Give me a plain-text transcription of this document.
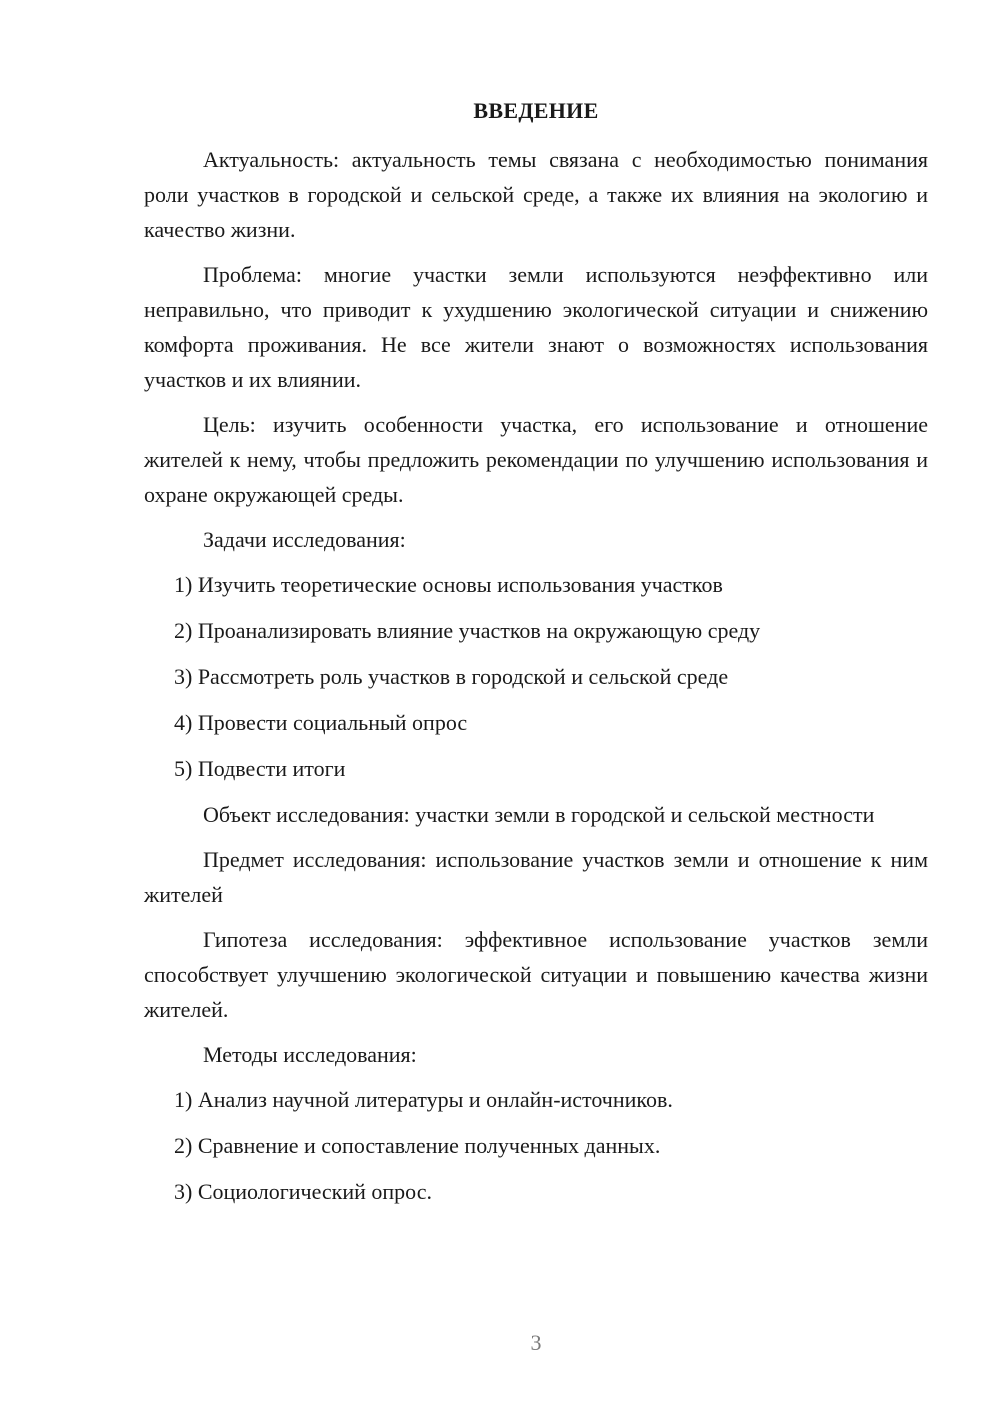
ВВЕДЕНИЕ

Актуальность: актуальность темы связана с необходимостью понимания роли участков в городской и сельской среде, а также их влияния на экологию и качество жизни.

Проблема: многие участки земли используются неэффективно или неправильно, что приводит к ухудшению экологической ситуации и снижению комфорта проживания. Не все жители знают о возможностях использования участков и их влиянии.

Цель: изучить особенности участка, его использование и отношение жителей к нему, чтобы предложить рекомендации по улучшению использования и охране окружающей среды.

Задачи исследования:

1) Изучить теоретические основы использования участков
2) Проанализировать влияние участков на окружающую среду
3) Рассмотреть роль участков в городской и сельской среде
4) Провести социальный опрос
5) Подвести итоги

Объект исследования: участки земли в городской и сельской местности

Предмет исследования: использование участков земли и отношение к ним жителей

Гипотеза исследования: эффективное использование участков земли способствует улучшению экологической ситуации и повышению качества жизни жителей.

Методы исследования:

1) Анализ научной литературы и онлайн-источников.
2) Сравнение и сопоставление полученных данных.
3) Социологический опрос.
3
